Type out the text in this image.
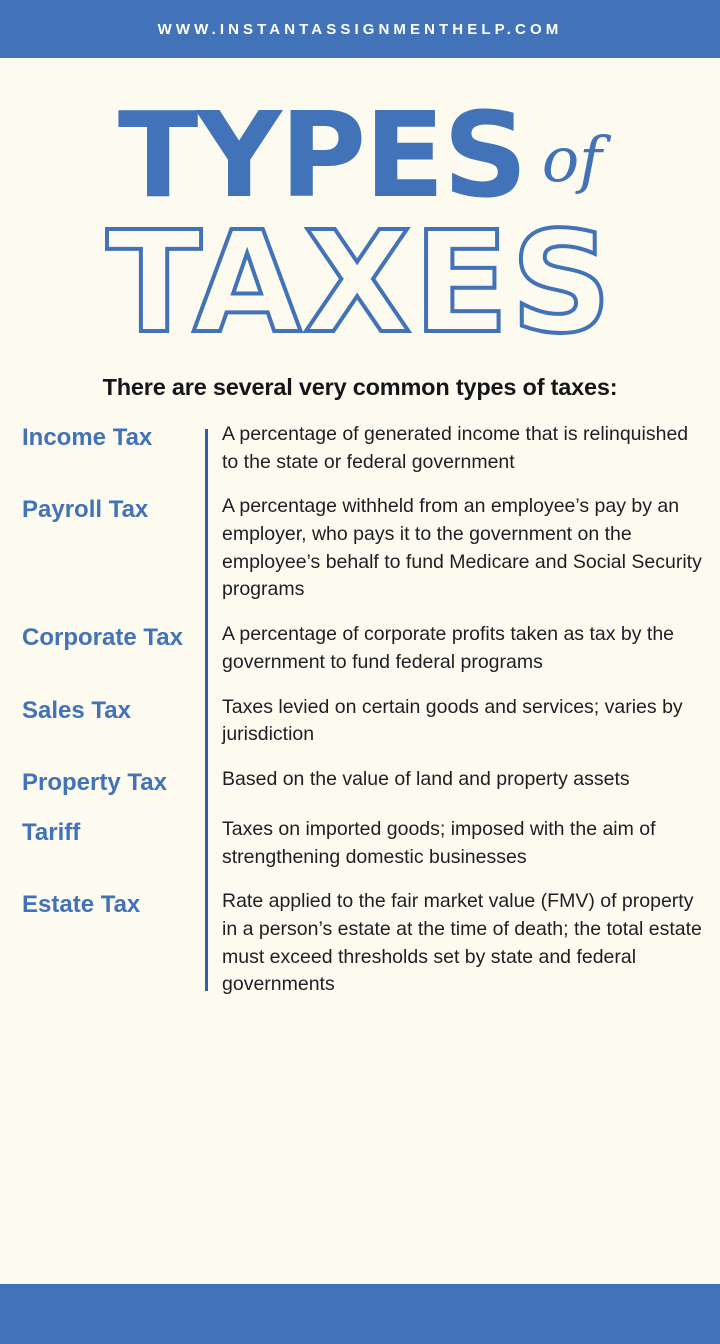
WWW.INSTANTASSIGNMENTHELP.COM
TYPES of
TAXES
There are several very common types of taxes:
Income Tax	A percentage of generated income that is relinquished to the state or federal government
Payroll Tax	A percentage withheld from an employee’s pay by an employer, who pays it to the government on the employee’s behalf to fund Medicare and Social Security programs
Corporate Tax	A percentage of corporate profits taken as tax by the government to fund federal programs
Sales Tax	Taxes levied on certain goods and services; varies by jurisdiction
Property Tax	Based on the value of land and property assets
Tariff	Taxes on imported goods; imposed with the aim of strengthening domestic businesses
Estate Tax	Rate applied to the fair market value (FMV) of property in a person’s estate at the time of death; the total estate must exceed thresholds set by state and federal governments
